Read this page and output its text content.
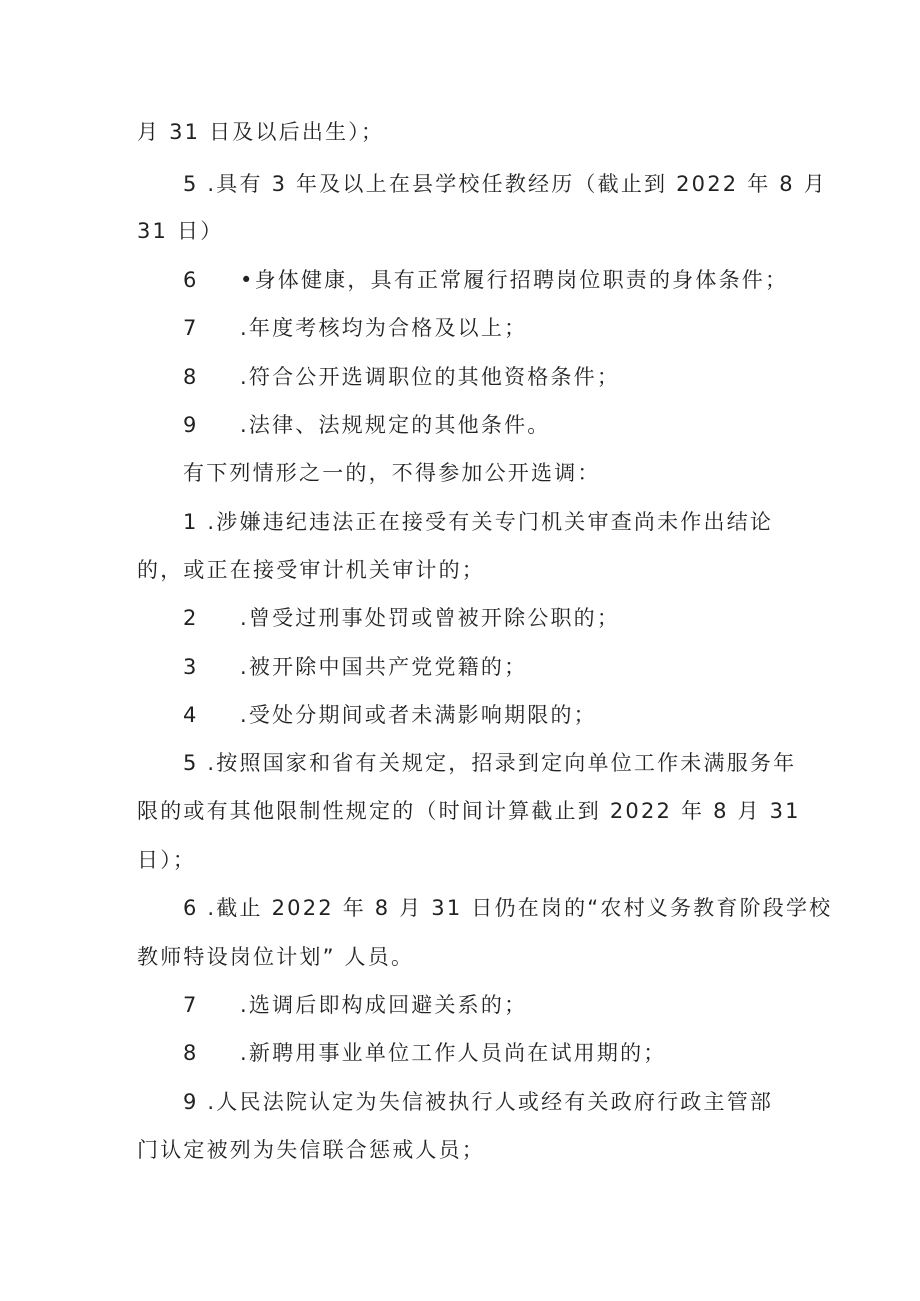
月 31 日及以后出生）；
5 .具有 3 年及以上在县学校任教经历（截止到 2022 年 8 月
31 日）
6 •身体健康，具有正常履行招聘岗位职责的身体条件；
7 .年度考核均为合格及以上；
8 .符合公开选调职位的其他资格条件；
9 .法律、法规规定的其他条件。
有下列情形之一的，不得参加公开选调：
1 .涉嫌违纪违法正在接受有关专门机关审查尚未作出结论
的，或正在接受审计机关审计的；
2 .曾受过刑事处罚或曾被开除公职的；
3 .被开除中国共产党党籍的；
4 .受处分期间或者未满影响期限的；
5 .按照国家和省有关规定，招录到定向单位工作未满服务年
限的或有其他限制性规定的（时间计算截止到 2022 年 8 月 31
日）；
6 .截止 2022 年 8 月 31 日仍在岗的“农村义务教育阶段学校
教师特设岗位计划” 人员。
7 .选调后即构成回避关系的；
8 .新聘用事业单位工作人员尚在试用期的；
9 .人民法院认定为失信被执行人或经有关政府行政主管部
门认定被列为失信联合惩戒人员；
